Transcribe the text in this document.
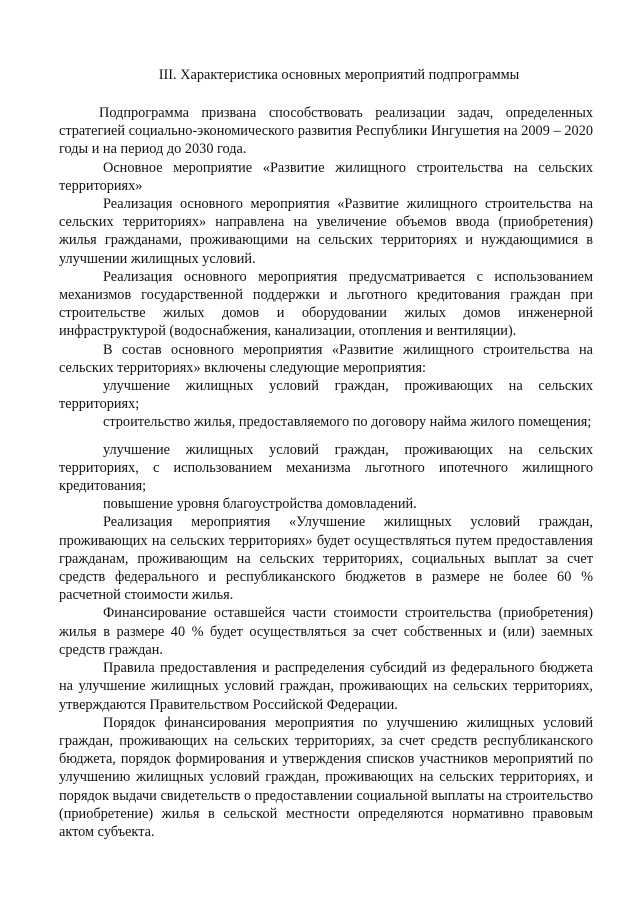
III. Характеристика основных мероприятий подпрограммы

Подпрограмма призвана способствовать реализации задач, определенных стратегией социально-экономического развития Республики Ингушетия на 2009 – 2020 годы и на период до 2030 года.

Основное мероприятие «Развитие жилищного строительства на сельских территориях»

Реализация основного мероприятия «Развитие жилищного строительства на сельских территориях» направлена на увеличение объемов ввода (приобретения) жилья гражданами, проживающими на сельских территориях и нуждающимися в улучшении жилищных условий.

Реализация основного мероприятия предусматривается с использованием механизмов государственной поддержки и льготного кредитования граждан при строительстве жилых домов и оборудовании жилых домов инженерной инфраструктурой (водоснабжения, канализации, отопления и вентиляции).

В состав основного мероприятия «Развитие жилищного строительства на сельских территориях» включены следующие мероприятия:

улучшение жилищных условий граждан, проживающих на сельских территориях;

строительство жилья, предоставляемого по договору найма жилого помещения;

улучшение жилищных условий граждан, проживающих на сельских территориях, с использованием механизма льготного ипотечного жилищного кредитования;

повышение уровня благоустройства домовладений.

Реализация мероприятия «Улучшение жилищных условий граждан, проживающих на сельских территориях» будет осуществляться путем предоставления гражданам, проживающим на сельских территориях, социальных выплат за счет средств федерального и республиканского бюджетов в размере не более 60 % расчетной стоимости жилья.

Финансирование оставшейся части стоимости строительства (приобретения) жилья в размере 40 % будет осуществляться за счет собственных и (или) заемных средств граждан.

Правила предоставления и распределения субсидий из федерального бюджета на улучшение жилищных условий граждан, проживающих на сельских территориях, утверждаются Правительством Российской Федерации.

Порядок финансирования мероприятия по улучшению жилищных условий граждан, проживающих на сельских территориях, за счет средств республиканского бюджета, порядок формирования и утверждения списков участников мероприятий по улучшению жилищных условий граждан, проживающих на сельских территориях, и порядок выдачи свидетельств о предоставлении социальной выплаты на строительство (приобретение) жилья в сельской местности определяются нормативно правовым актом субъекта.
